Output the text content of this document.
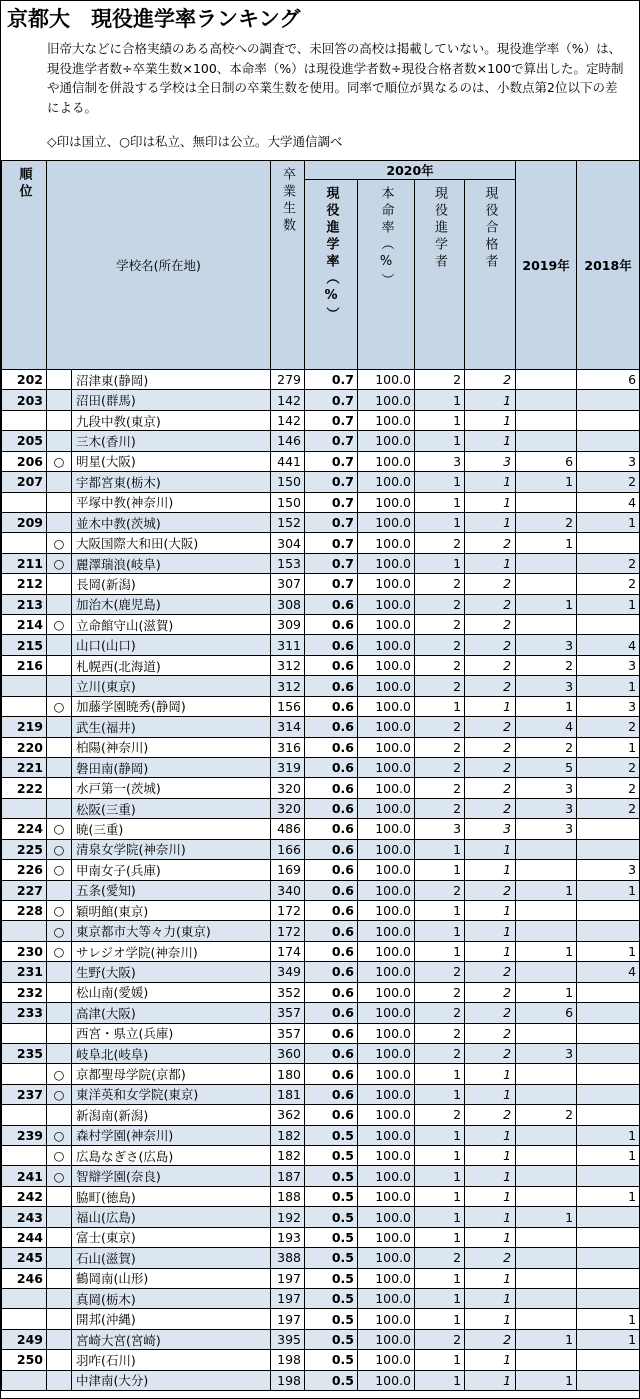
京都大　現役進学率ランキング

旧帝大などに合格実績のある高校への調査で、未回答の高校は掲載していない。現役進学率（%）は、現役進学者数÷卒業生数×100、本命率（%）は現役進学者数÷現役合格者数×100で算出した。定時制や通信制を併設する学校は全日制の卒業生数を使用。同率で順位が異なるのは、小数点第2位以下の差による。

◇印は国立、○印は私立、無印は公立。大学通信調べ
順位	学校名(所在地)		卒業生数	2020年				2019年	2018年

				現役進学率（%）	本命率（%）	現役進学者	現役合格者		

202		沼津東(静岡)	279	0.7	100.0	2	2		6
203		沼田(群馬)	142	0.7	100.0	1	1		
		九段中教(東京)	142	0.7	100.0	1	1		
205		三木(香川)	146	0.7	100.0	1	1		
206	○	明星(大阪)	441	0.7	100.0	3	3	6	3
207		宇都宮東(栃木)	150	0.7	100.0	1	1	1	2
		平塚中教(神奈川)	150	0.7	100.0	1	1		4
209		並木中教(茨城)	152	0.7	100.0	1	1	2	1
	○	大阪国際大和田(大阪)	304	0.7	100.0	2	2	1	
211	○	麗澤瑞浪(岐阜)	153	0.7	100.0	1	1		2
212		長岡(新潟)	307	0.7	100.0	2	2		2
213		加治木(鹿児島)	308	0.6	100.0	2	2	1	1
214	○	立命館守山(滋賀)	309	0.6	100.0	2	2		
215		山口(山口)	311	0.6	100.0	2	2	3	4
216		札幌西(北海道)	312	0.6	100.0	2	2	2	3
		立川(東京)	312	0.6	100.0	2	2	3	1
	○	加藤学園暁秀(静岡)	156	0.6	100.0	1	1	1	3
219		武生(福井)	314	0.6	100.0	2	2	4	2
220		柏陽(神奈川)	316	0.6	100.0	2	2	2	1
221		磐田南(静岡)	319	0.6	100.0	2	2	5	2
222		水戸第一(茨城)	320	0.6	100.0	2	2	3	2
		松阪(三重)	320	0.6	100.0	2	2	3	2
224	○	暁(三重)	486	0.6	100.0	3	3	3	
225	○	清泉女学院(神奈川)	166	0.6	100.0	1	1		
226	○	甲南女子(兵庫)	169	0.6	100.0	1	1		3
227		五条(愛知)	340	0.6	100.0	2	2	1	1
228	○	穎明館(東京)	172	0.6	100.0	1	1		
	○	東京都市大等々力(東京)	172	0.6	100.0	1	1		
230	○	サレジオ学院(神奈川)	174	0.6	100.0	1	1	1	1
231		生野(大阪)	349	0.6	100.0	2	2		4
232		松山南(愛媛)	352	0.6	100.0	2	2	1	
233		高津(大阪)	357	0.6	100.0	2	2	6	
		西宮・県立(兵庫)	357	0.6	100.0	2	2		
235		岐阜北(岐阜)	360	0.6	100.0	2	2	3	
	○	京都聖母学院(京都)	180	0.6	100.0	1	1		
237	○	東洋英和女学院(東京)	181	0.6	100.0	1	1		
		新潟南(新潟)	362	0.6	100.0	2	2	2	
239	○	森村学園(神奈川)	182	0.5	100.0	1	1		1
	○	広島なぎさ(広島)	182	0.5	100.0	1	1		1
241	○	智辯学園(奈良)	187	0.5	100.0	1	1		
242		脇町(徳島)	188	0.5	100.0	1	1		1
243		福山(広島)	192	0.5	100.0	1	1	1	
244		富士(東京)	193	0.5	100.0	1	1		
245		石山(滋賀)	388	0.5	100.0	2	2		
246		鶴岡南(山形)	197	0.5	100.0	1	1		
		真岡(栃木)	197	0.5	100.0	1	1		
		開邦(沖縄)	197	0.5	100.0	1	1		1
249		宮崎大宮(宮崎)	395	0.5	100.0	2	2	1	1
250		羽咋(石川)	198	0.5	100.0	1	1		
		中津南(大分)	198	0.5	100.0	1	1	1	
